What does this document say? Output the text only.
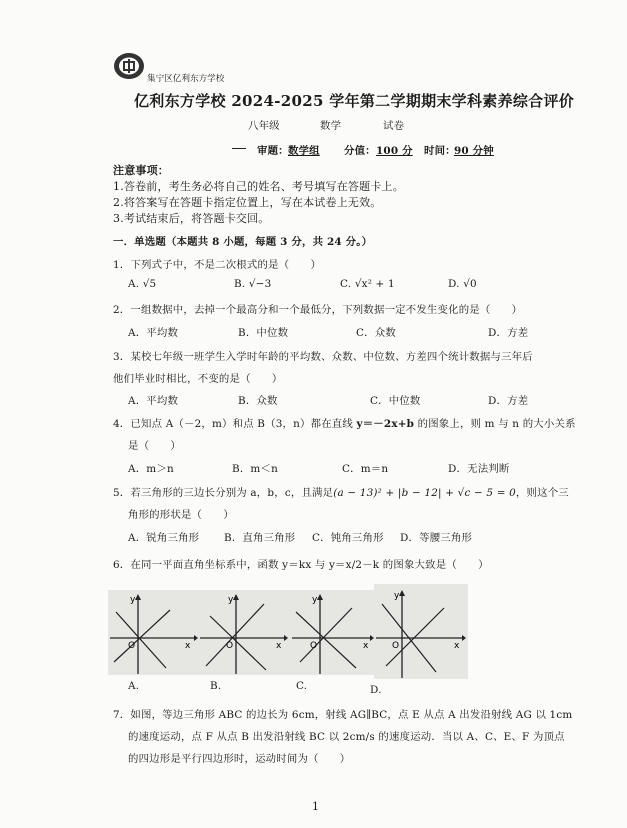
集宁区亿利东方学校
亿利东方学校 2024-2025 学年第二学期期末学科素养综合评价
八年级	数学	试卷
审题： 数学组 分值： 100 分 时间：
90 分钟
注意事项：
1.答卷前，考生务必将自己的姓名、考号填写在答题卡上。
2.将答案写在答题卡指定位置上，写在本试卷上无效。
3.考试结束后，将答题卡交回。
一．单选题（本题共 8 小题，每题 3 分，共 24 分。）
1．下列式子中，不是二次根式的是（　　）
A. √5	B. √−3	C. √x² + 1	D. √0
2．一组数据中，去掉一个最高分和一个最低分，下列数据一定不发生变化的是（　　）
A．平均数	B．中位数	C．众数	D．方差
3．某校七年级一班学生入学时年龄的平均数、众数、中位数、方差四个统计数据与三年后
他们毕业时相比，不变的是（　　）
A．平均数	B．众数	C．中位数	D．方差
4．已知点 A（－2，m）和点 B（3，n）都在直线 y＝－2x+b 的图象上，则 m 与 n 的大小关系
是（　　）
A．m＞n	B．m＜n	C．m＝n	D．无法判断
5．若三角形的三边长分别为 a，b，c，且满足(a − 13)² + |b − 12| + √c − 5 = 0，则这个三
角形的形状是（　　）
A．锐角三角形 B．直角三角形 C．钝角三角形 D．等腰三角形
6．在同一平面直角坐标系中，函数 y＝kx 与 y＝x/2－k 的图象大致是（　　）
y
x
O
y
x
O
y
x
O
y
x
O
A.	B.	C.	D.
7．如图，等边三角形 ABC 的边长为 6cm，射线 AG∥BC，点 E 从点 A 出发沿射线 AG 以 1cm
的速度运动，点 F 从点 B 出发沿射线 BC 以 2cm/s 的速度运动．当以 A、C、E、F 为顶点
的四边形是平行四边形时，运动时间为（　　）
1
